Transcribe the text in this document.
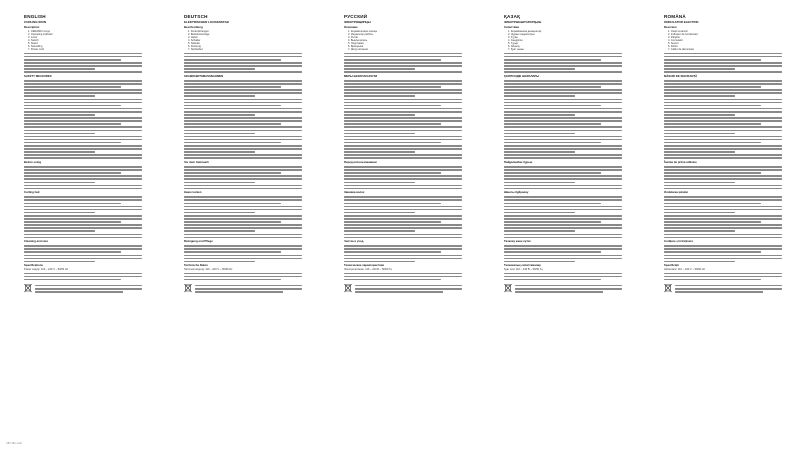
ENGLISH
CURLING IRON
Description
1. CERAMIC tongs
2. Operating indicator
3. Lever
4. Switch
5. Stand
6. Swivelling
7. Power cord
SAFETY MEASURES
Before using
Curling hair
Cleaning and care
Specifications
Power supply: 110 – 240 V ~ 50/60 Hz
DEUTSCH
ELEKTRISCHER LOCKENSTAB
Beschreibung
1. Keramikzangen
2. Betriebsanzeige
3. Hebel
4. Schalter
5. Ständer
6. Drehung
7. Netzkabel
SICHERHEITSMASSNAHMEN
Vor dem Gebrauch
Haare locken
Reinigung und Pflege
Technische Daten
Stromversorgung: 110 – 240 V ~ 50/60 Hz
РУССКИЙ
ЭЛЕКТРОЩИПЦЫ
Описание
1. Керамические щипцы
2. Индикатор работы
3. Рычаг
4. Выключатель
5. Подставка
6. Вращение
7. Шнур питания
МЕРЫ БЕЗОПАСНОСТИ
Перед использованием
Завивка волос
Чистка и уход
Технические характеристики
Электропитание: 110 – 240 В ~ 50/60 Гц
ҚАЗАҚ
ЭЛЕКТРШАШТАРАТҚЫШ
Сипаттама
1. Керамикалық қысқыштар
2. Жұмыс индикаторы
3. Тұтқа
4. Сөндіргіш
5. Тұғыр
6. Айналу
7. Қуат сымы
ҚАУІПСІЗДІК ШАРАЛАРЫ
Пайдаланбас бұрын
Шашты бұйралау
Тазалау және күтім
Техникалық сипаттамалар
Қуат көзі: 110 – 240 В ~ 50/60 Гц
ROMÂNĂ
ONDULATOR ELECTRIC
Descriere
1. Clești ceramici
2. Indicator de funcționare
3. Pârghie
4. Comutator
5. Suport
6. Rotire
7. Cablu de alimentare
MĂSURI DE SIGURANȚĂ
Înainte de prima utilizare
Ondularea părului
Curățare și întreținere
Specificații
Alimentare: 110 – 240 V ~ 50/60 Hz
CB7-18xx.indd
